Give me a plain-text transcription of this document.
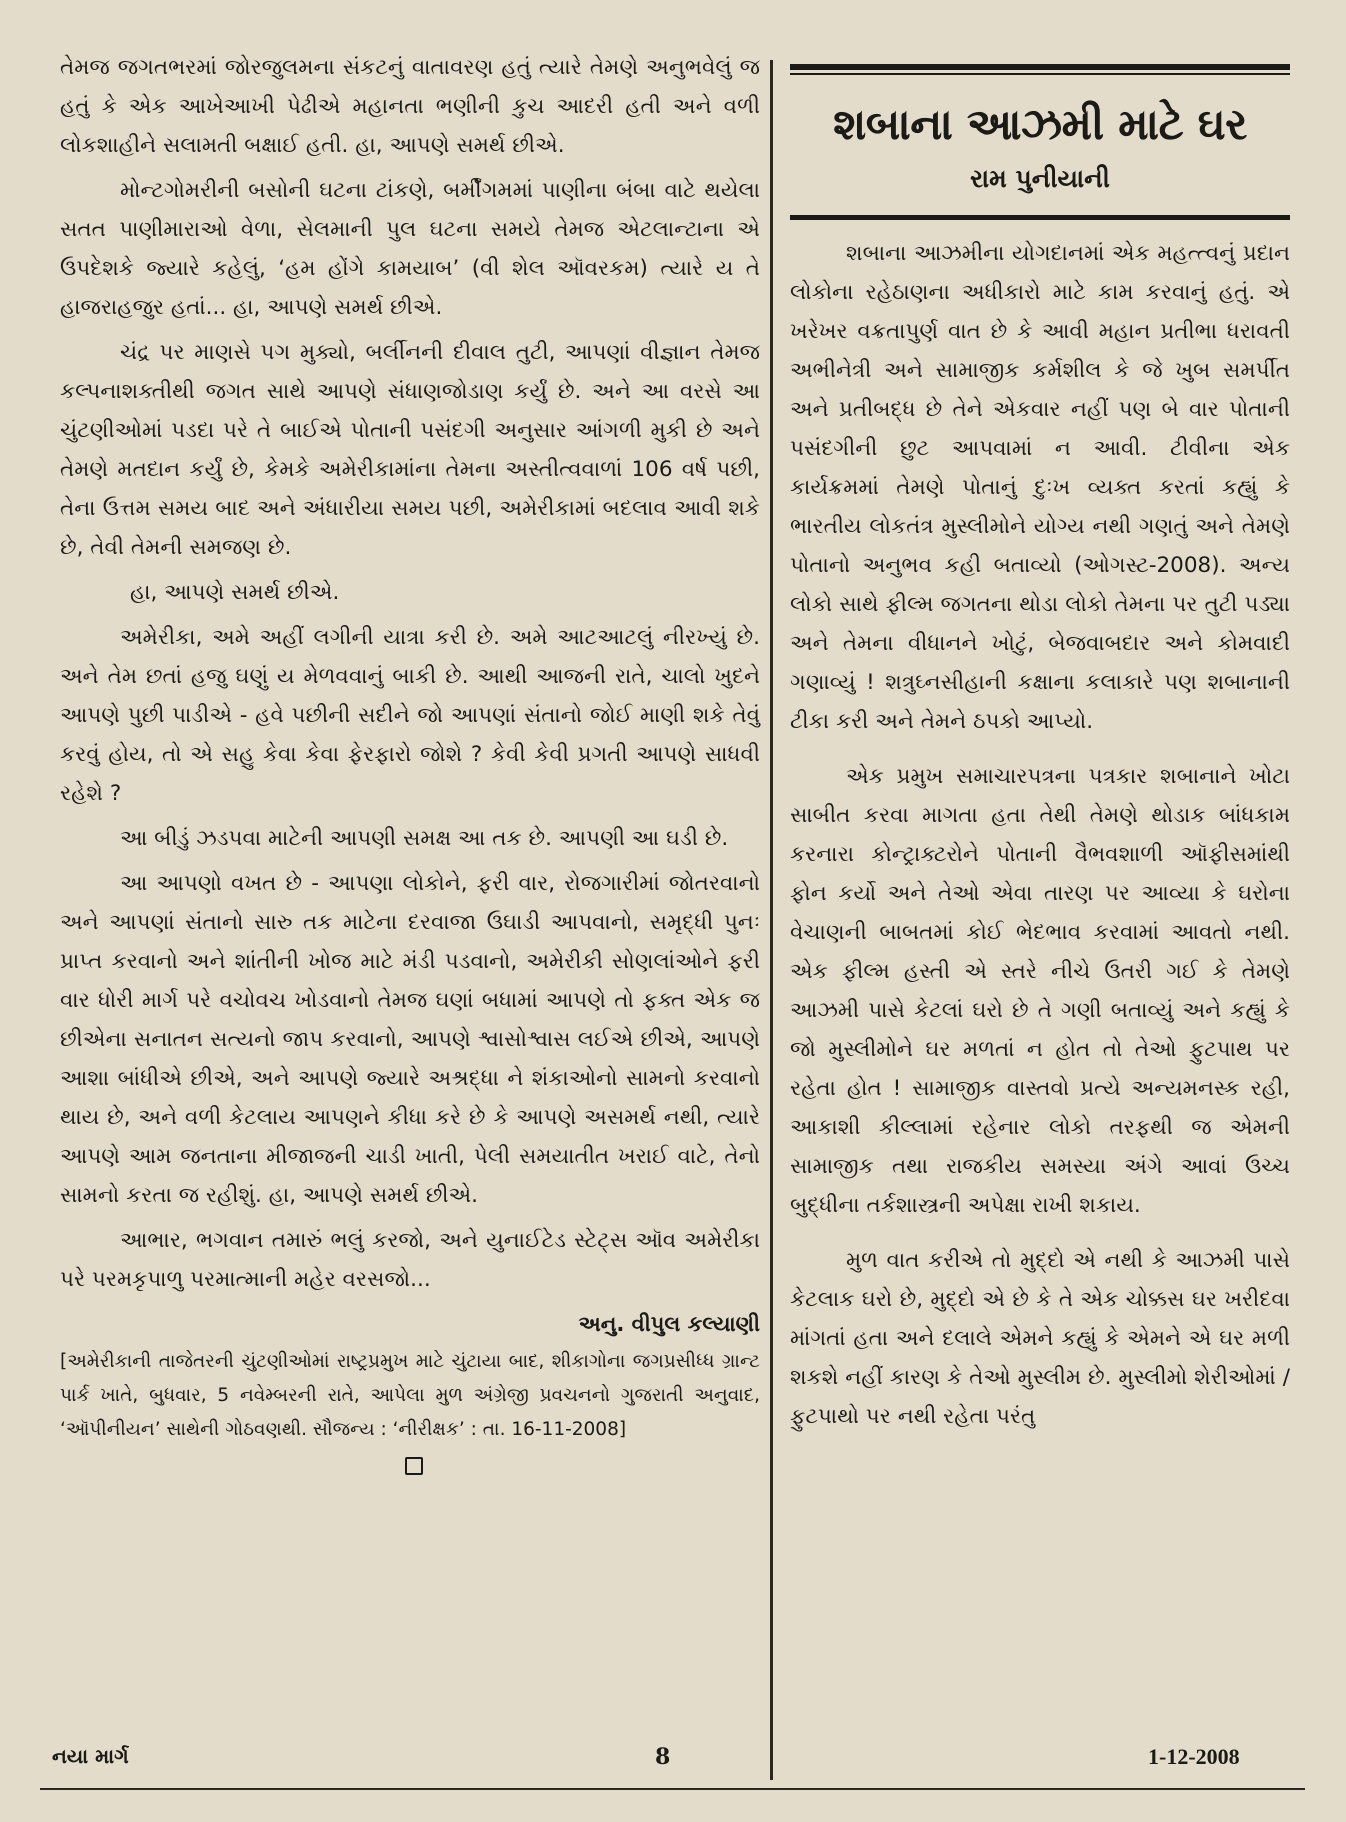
તેમજ જગતભરમાં જોરજુલમના સંકટનું વાતાવરણ હતું ત્યારે તેમણે અનુભવેલું જ હતું કે એક આખેઆખી પેઢીએ મહાનતા ભણીની કુચ આદરી હતી અને વળી લોકશાહીને સલામતી બક્ષાઈ હતી. હા, આપણે સમર્થ છીએ.

મોન્ટગોમરીની બસોની ઘટના ટાંકણે, બર્મીંગમમાં પાણીના બંબા વાટે થયેલા સતત પાણીમારાઓ વેળા, સેલમાની પુલ ઘટના સમયે તેમજ એટલાન્ટાના એ ઉપદેશકે જ્યારે કહેલું, ‘હમ હોંગે કામયાબ’ (વી શેલ ઑવરકમ) ત્યારે ય તે હાજરાહજુર હતાં... હા, આપણે સમર્થ છીએ.

ચંદ્ર પર માણસે પગ મુક્યો, બર્લીનની દીવાલ તુટી, આપણાં વીજ્ઞાન તેમજ કલ્પનાશક્તીથી જગત સાથે આપણે સંધાણજોડાણ કર્યું છે. અને આ વરસે આ ચુંટણીઓમાં પડદા પરે તે બાઈએ પોતાની પસંદગી અનુસાર આંગળી મુકી છે અને તેમણે મતદાન કર્યું છે, કેમકે અમેરીકામાંના તેમના અસ્તીત્વવાળાં 106 વર્ષ પછી, તેના ઉત્તમ સમય બાદ અને અંધારીયા સમય પછી, અમેરીકામાં બદલાવ આવી શકે છે, તેવી તેમની સમજણ છે.

હા, આપણે સમર્થ છીએ.

અમેરીકા, અમે અહીં લગીની યાત્રા કરી છે. અમે આટઆટલું નીરખ્યું છે. અને તેમ છતાં હજુ ઘણું ય મેળવવાનું બાકી છે. આથી આજની રાતે, ચાલો ખુદને આપણે પુછી પાડીએ - હવે પછીની સદીને જો આપણાં સંતાનો જોઈ માણી શકે તેવું કરવું હોય, તો એ સહુ કેવા કેવા ફેરફારો જોશે ? કેવી કેવી પ્રગતી આપણે સાધવી રહેશે ?

આ બીડું ઝડપવા માટેની આપણી સમક્ષ આ તક છે. આપણી આ ઘડી છે.

આ આપણો વખત છે - આપણા લોકોને, ફરી વાર, રોજગારીમાં જોતરવાનો અને આપણાં સંતાનો સારુ તક માટેના દરવાજા ઉઘાડી આપવાનો, સમૃદ્ધી પુનઃ પ્રાપ્ત કરવાનો અને શાંતીની ખોજ માટે મંડી પડવાનો, અમેરીકી સોણલાંઓને ફરી વાર ધોરી માર્ગ પરે વચોવચ ખોડવાનો તેમજ ઘણાં બધામાં આપણે તો ફક્ત એક જ છીએના સનાતન સત્યનો જાપ કરવાનો, આપણે શ્વાસોશ્વાસ લઈએ છીએ, આપણે આશા બાંધીએ છીએ, અને આપણે જ્યારે અશ્રદ્ધા ને શંકાઓનો સામનો કરવાનો થાય છે, અને વળી કેટલાય આપણને કીધા કરે છે કે આપણે અસમર્થ નથી, ત્યારે આપણે આમ જનતાના મીજાજની ચાડી ખાતી, પેલી સમયાતીત ખરાઈ વાટે, તેનો સામનો કરતા જ રહીશું. હા, આપણે સમર્થ છીએ.

આભાર, ભગવાન તમારું ભલું કરજો, અને યુનાઈટેડ સ્ટેટ્સ ઑવ અમેરીકા પરે પરમકૃપાળુ પરમાત્માની મહેર વરસજો...

અનુ. વીપુલ કલ્યાણી
[અમેરીકાની તાજેતરની ચુંટણીઓમાં રાષ્ટ્રપ્રમુખ માટે ચુંટાયા બાદ, શીકાગોના જગપ્રસીધ્ધ ગ્રાન્ટ પાર્ક ખાતે, બુધવાર, 5 નવેમ્બરની રાતે, આપેલા મુળ અંગ્રેજી પ્રવચનનો ગુજરાતી અનુવાદ, ‘ઑપીનીયન’ સાથેની ગોઠવણથી. સૌજન્ય : ‘નીરીક્ષક’ : તા. 16-11-2008]
શબાના આઝમી માટે ઘર
રામ પુનીયાની

શબાના આઝમીના યોગદાનમાં એક મહત્ત્વનું પ્રદાન લોકોના રહેઠાણના અધીકારો માટે કામ કરવાનું હતું. એ ખરેખર વક્રતાપુર્ણ વાત છે કે આવી મહાન પ્રતીભા ધરાવતી અભીનેત્રી અને સામાજીક કર્મશીલ કે જે ખુબ સમર્પીત અને પ્રતીબદ્ધ છે તેને એકવાર નહીં પણ બે વાર પોતાની પસંદગીની છુટ આપવામાં ન આવી. ટીવીના એક કાર્યક્રમમાં તેમણે પોતાનું દુઃખ વ્યક્ત કરતાં કહ્યું કે ભારતીય લોકતંત્ર મુસ્લીમોને યોગ્ય નથી ગણતું અને તેમણે પોતાનો અનુભવ કહી બતાવ્યો (ઓગસ્ટ-2008). અન્ય લોકો સાથે ફીલ્મ જગતના થોડા લોકો તેમના પર તુટી પડ્યા અને તેમના વીધાનને ખોટું, બેજવાબદાર અને કોમવાદી ગણાવ્યું ! શત્રુઘ્નસીહાની કક્ષાના કલાકારે પણ શબાનાની ટીકા કરી અને તેમને ઠપકો આપ્યો.

એક પ્રમુખ સમાચારપત્રના પત્રકાર શબાનાને ખોટા સાબીત કરવા માગતા હતા તેથી તેમણે થોડાક બાંધકામ કરનારા કોન્ટ્રાક્ટરોને પોતાની વૈભવશાળી ઑફીસમાંથી ફોન કર્યો અને તેઓ એવા તારણ પર આવ્યા કે ઘરોના વેચાણની બાબતમાં કોઈ ભેદભાવ કરવામાં આવતો નથી. એક ફીલ્મ હસ્તી એ સ્તરે નીચે ઉતરી ગઈ કે તેમણે આઝમી પાસે કેટલાં ઘરો છે તે ગણી બતાવ્યું અને કહ્યું કે જો મુસ્લીમોને ઘર મળતાં ન હોત તો તેઓ ફુટપાથ પર રહેતા હોત ! સામાજીક વાસ્તવો પ્રત્યે અન્યમનસ્ક રહી, આકાશી કીલ્લામાં રહેનાર લોકો તરફથી જ એમની સામાજીક તથા રાજકીય સમસ્યા અંગે આવાં ઉચ્ચ બુદ્ધીના તર્કશાસ્ત્રની અપેક્ષા રાખી શકાય.

મુળ વાત કરીએ તો મુદ્દો એ નથી કે આઝમી પાસે કેટલાક ઘરો છે, મુદ્દો એ છે કે તે એક ચોક્કસ ઘર ખરીદવા માંગતાં હતા અને દલાલે એમને કહ્યું કે એમને એ ઘર મળી શકશે નહીં કારણ કે તેઓ મુસ્લીમ છે. મુસ્લીમો શેરીઓમાં / ફુટપાથો પર નથી રહેતા પરંતુ

નયા માર્ગ	8	1-12-2008
